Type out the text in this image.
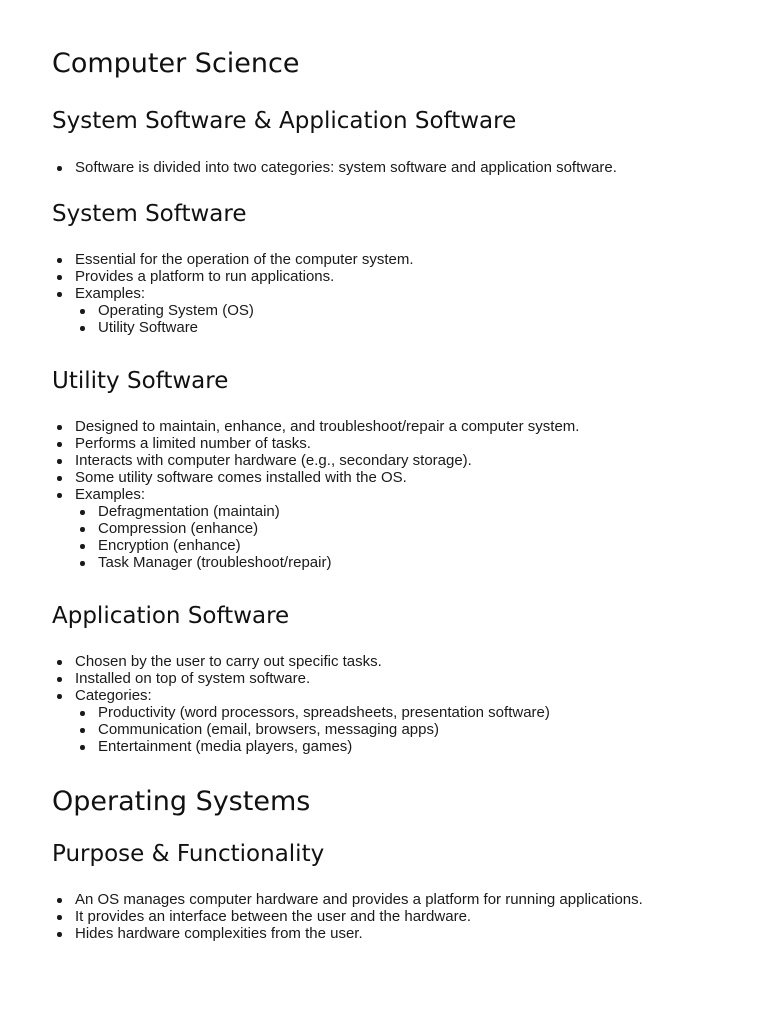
Computer Science
System Software & Application Software
Software is divided into two categories: system software and application software.
System Software
Essential for the operation of the computer system.
Provides a platform to run applications.
Examples:
Operating System (OS)
Utility Software
Utility Software
Designed to maintain, enhance, and troubleshoot/repair a computer system.
Performs a limited number of tasks.
Interacts with computer hardware (e.g., secondary storage).
Some utility software comes installed with the OS.
Examples:
Defragmentation (maintain)
Compression (enhance)
Encryption (enhance)
Task Manager (troubleshoot/repair)
Application Software
Chosen by the user to carry out specific tasks.
Installed on top of system software.
Categories:
Productivity (word processors, spreadsheets, presentation software)
Communication (email, browsers, messaging apps)
Entertainment (media players, games)
Operating Systems
Purpose & Functionality
An OS manages computer hardware and provides a platform for running applications.
It provides an interface between the user and the hardware.
Hides hardware complexities from the user.
